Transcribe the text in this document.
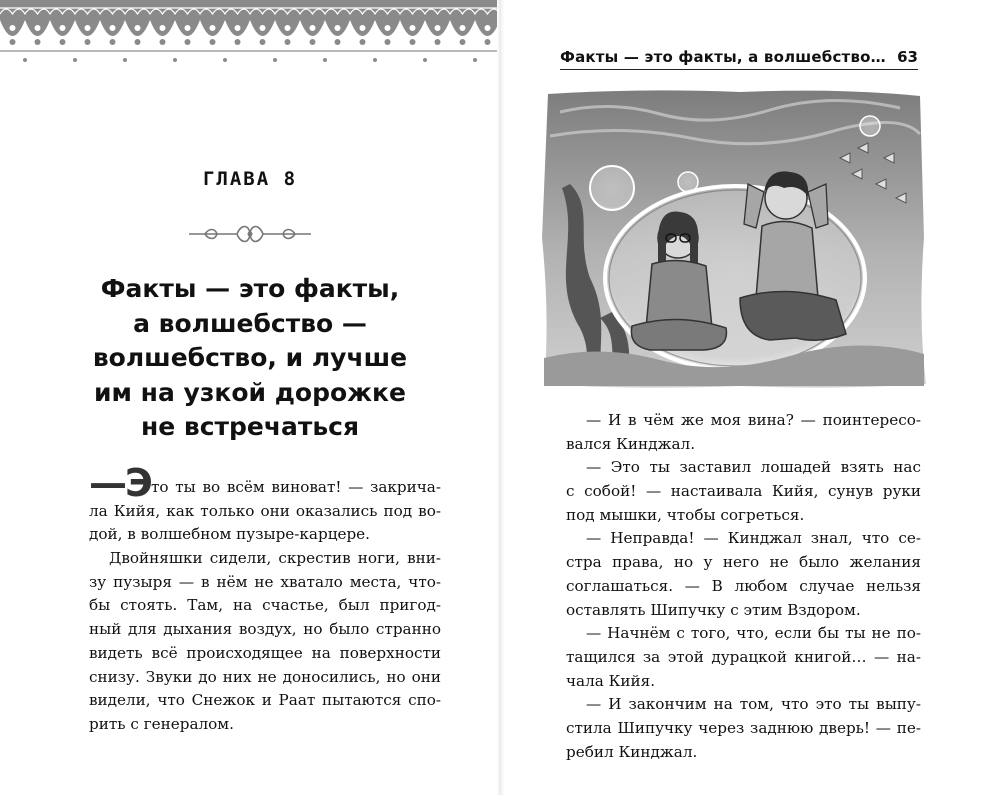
ГЛАВА 8
Факты — это факты,
а волшебство —
волшебство, и лучше
им на узкой дорожке
не встречаться
—Э то ты во всём виноват! — закрича-
ла Кийя, как только они оказались под во-
дой, в волшебном пузыре-карцере.
Двойняшки сидели, скрестив ноги, вни-
зу пузыря — в нём не хватало места, что-
бы стоять. Там, на счастье, был пригод-
ный для дыхания воздух, но было странно
видеть всё происходящее на поверхности
снизу. Звуки до них не доносились, но они
видели, что Снежок и Раат пытаются спо-
рить с генералом.
Факты — это факты, а волшебство… 63
— И в чём же моя вина? — поинтересо-
вался Кинджал.
— Это ты заставил лошадей взять нас
с собой! — настаивала Кийя, сунув руки
под мышки, чтобы согреться.
— Неправда! — Кинджал знал, что се-
стра права, но у него не было желания
соглашаться. — В любом случае нельзя
оставлять Шипучку с этим Вздором.
— Начнём с того, что, если бы ты не по-
тащился за этой дурацкой книгой… — на-
чала Кийя.
— И закончим на том, что это ты выпу-
стила Шипучку через заднюю дверь! — пе-
ребил Кинджал.
